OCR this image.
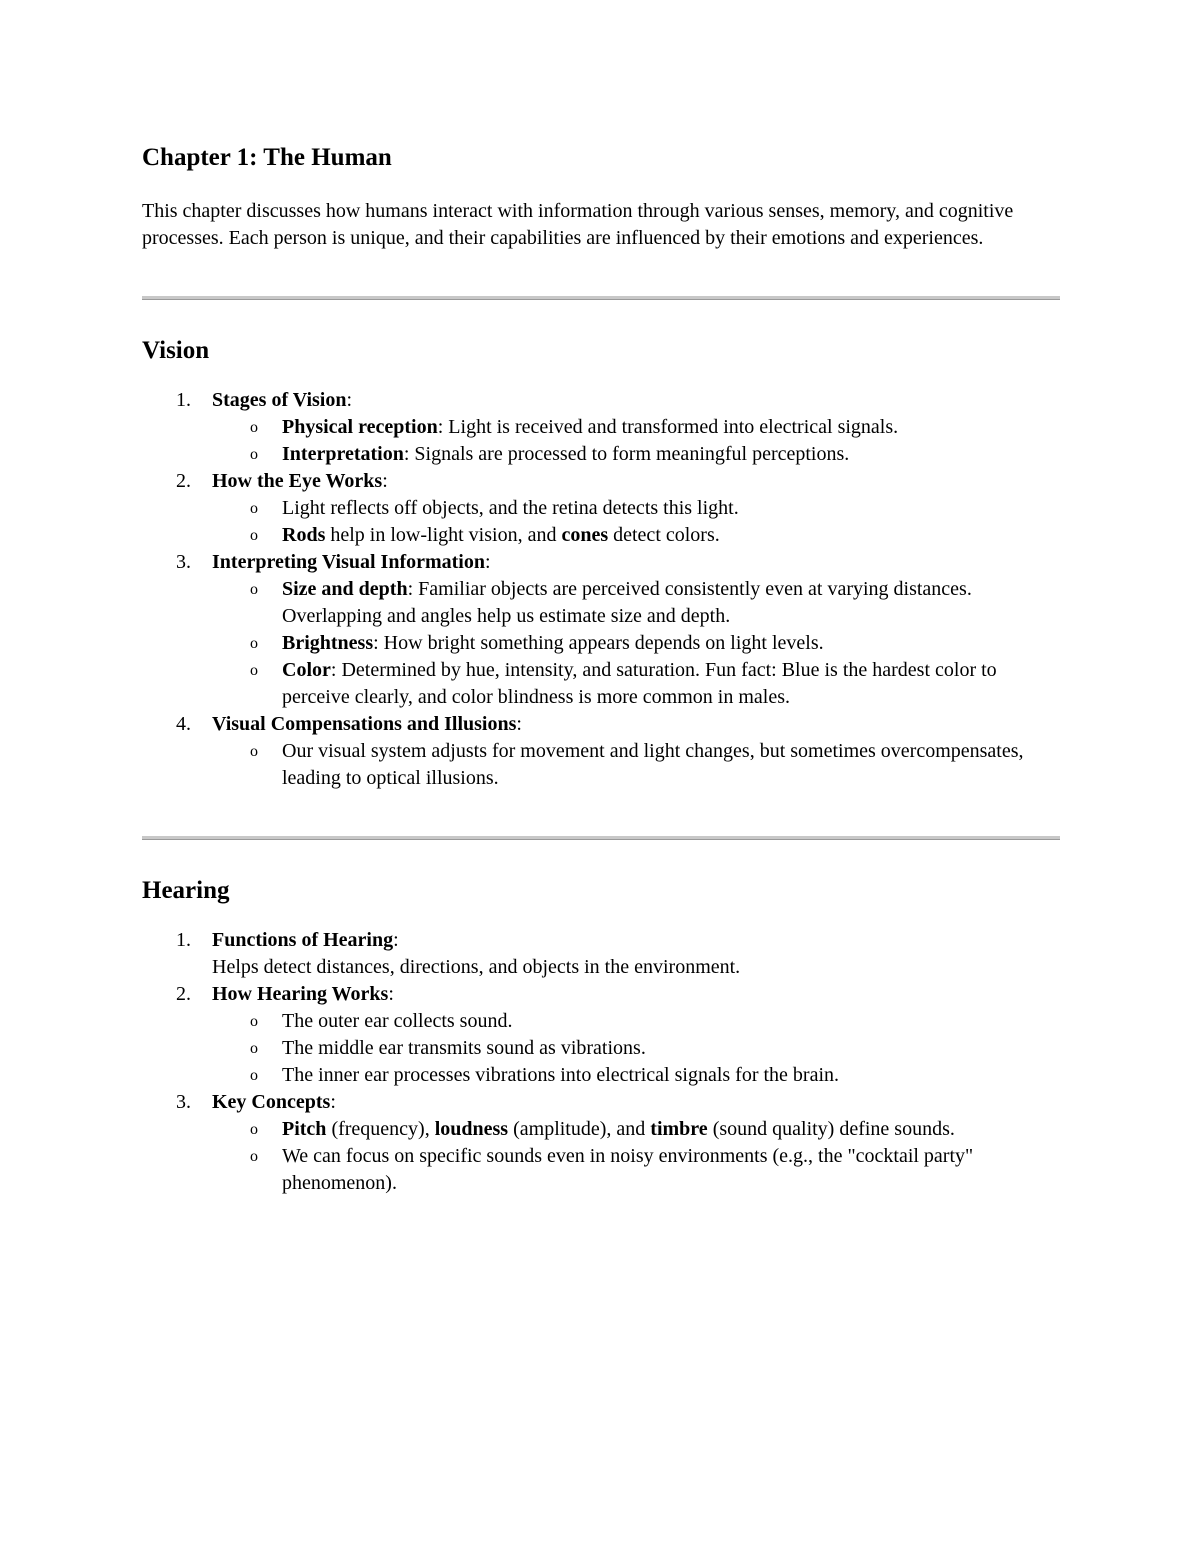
Chapter 1: The Human

This chapter discusses how humans interact with information through various senses, memory, and cognitive processes. Each person is unique, and their capabilities are influenced by their emotions and experiences.

Vision
1. Stages of Vision:
o Physical reception: Light is received and transformed into electrical signals.
o Interpretation: Signals are processed to form meaningful perceptions.
2. How the Eye Works:
o Light reflects off objects, and the retina detects this light.
o Rods help in low-light vision, and cones detect colors.
3. Interpreting Visual Information:
o Size and depth: Familiar objects are perceived consistently even at varying distances. Overlapping and angles help us estimate size and depth.
o Brightness: How bright something appears depends on light levels.
o Color: Determined by hue, intensity, and saturation. Fun fact: Blue is the hardest color to perceive clearly, and color blindness is more common in males.
4. Visual Compensations and Illusions:
o Our visual system adjusts for movement and light changes, but sometimes overcompensates, leading to optical illusions.
Hearing
1. Functions of Hearing:
Helps detect distances, directions, and objects in the environment.
2. How Hearing Works:
o The outer ear collects sound.
o The middle ear transmits sound as vibrations.
o The inner ear processes vibrations into electrical signals for the brain.
3. Key Concepts:
o Pitch (frequency), loudness (amplitude), and timbre (sound quality) define sounds.
o We can focus on specific sounds even in noisy environments (e.g., the "cocktail party" phenomenon).
